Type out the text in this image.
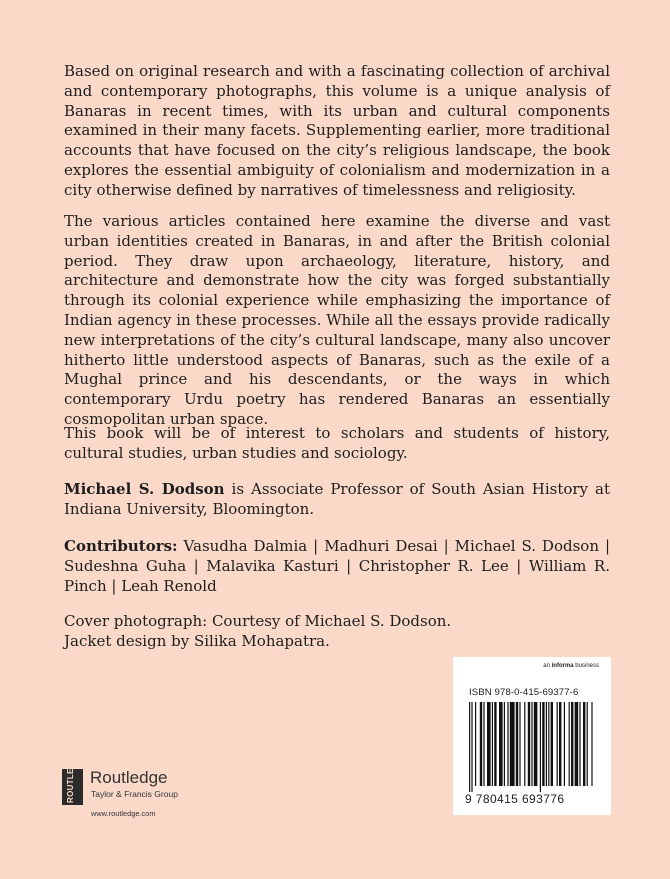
Based on original research and with a fascinating collection of archival and contemporary photographs, this volume is a unique analysis of Banaras in recent times, with its urban and cultural components examined in their many facets. Supplementing earlier, more traditional accounts that have focused on the city’s religious landscape, the book explores the essential ambiguity of colonialism and modernization in a city otherwise defined by narratives of timelessness and religiosity.

The various articles contained here examine the diverse and vast urban identities created in Banaras, in and after the British colonial period. They draw upon archaeology, literature, history, and architecture and demonstrate how the city was forged substantially through its colonial experience while emphasizing the importance of Indian agency in these processes. While all the essays provide radically new interpretations of the city’s cultural landscape, many also uncover hitherto little understood aspects of Banaras, such as the exile of a Mughal prince and his descendants, or the ways in which contemporary Urdu poetry has rendered Banaras an essentially cosmopolitan urban space.

This book will be of interest to scholars and students of history, cultural studies, urban studies and sociology.

Michael S. Dodson is Associate Professor of South Asian History at Indiana University, Bloomington.

Contributors: Vasudha Dalmia | Madhuri Desai | Michael S. Dodson | Sudeshna Guha | Malavika Kasturi | Christopher R. Lee | William R. Pinch | Leah Renold

Cover photograph: Courtesy of Michael S. Dodson.

Jacket design by Silika Mohapatra.

an informa business
ISBN 978-0-415-69377-6
9 780415 693776
ROUTLEDGE Routledge
Taylor & Francis Group
www.routledge.com
